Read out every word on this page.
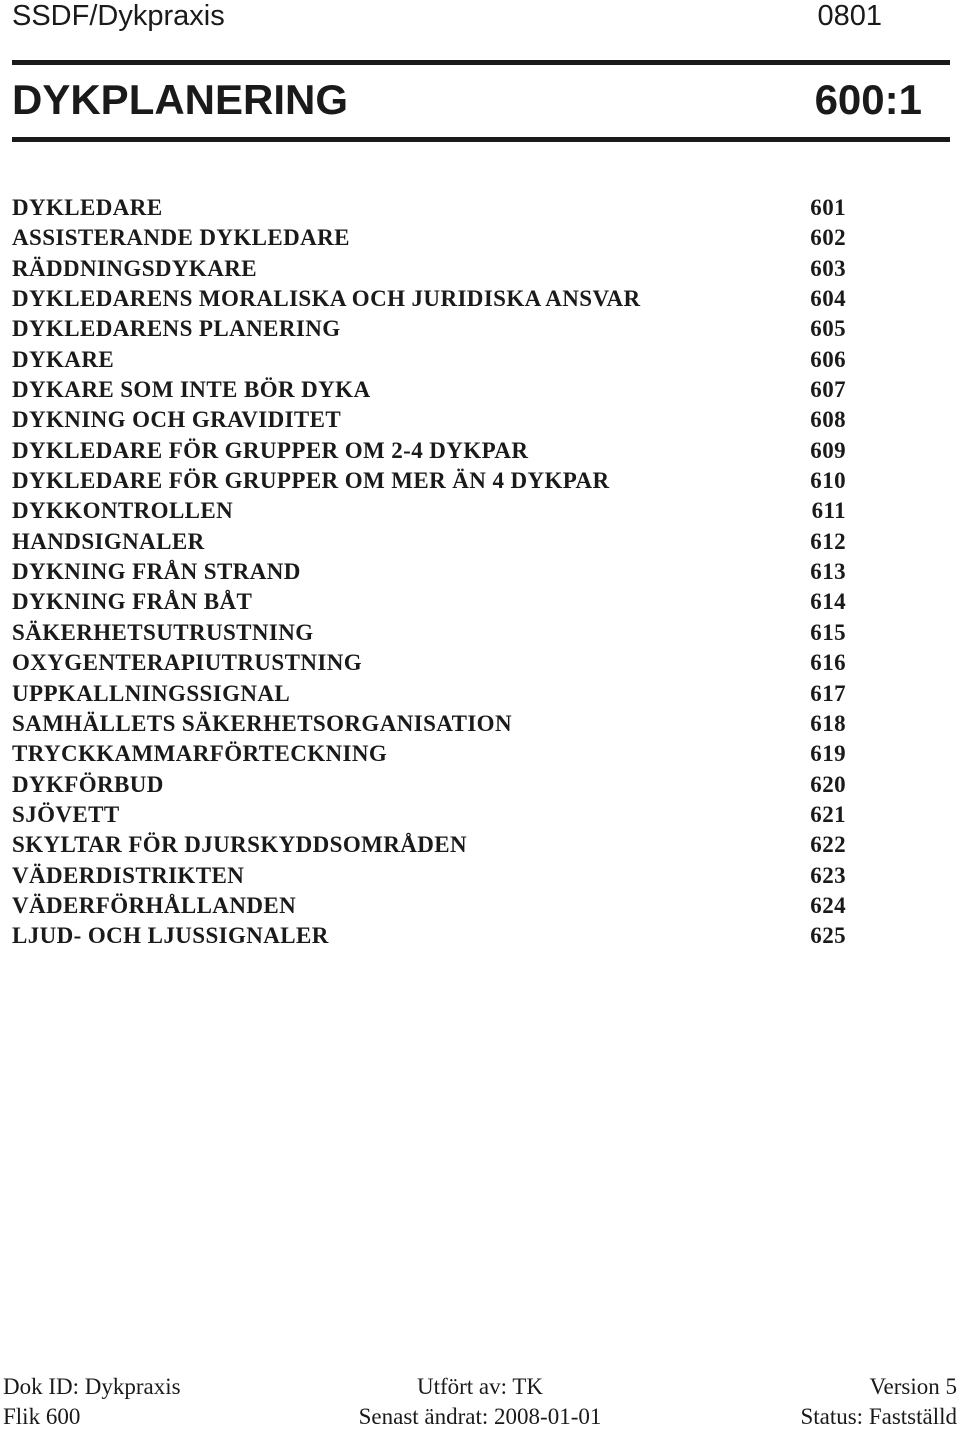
SSDF/Dykpraxis	0801
DYKPLANERING	600:1
DYKLEDARE	601
ASSISTERANDE DYKLEDARE	602
RÄDDNINGSDYKARE	603
DYKLEDARENS MORALISKA OCH JURIDISKA ANSVAR	604
DYKLEDARENS PLANERING	605
DYKARE	606
DYKARE SOM INTE BÖR DYKA	607
DYKNING OCH GRAVIDITET	608
DYKLEDARE FÖR GRUPPER OM 2-4 DYKPAR	609
DYKLEDARE FÖR GRUPPER OM MER ÄN 4 DYKPAR	610
DYKKONTROLLEN	611
HANDSIGNALER	612
DYKNING FRÅN STRAND	613
DYKNING FRÅN BÅT	614
SÄKERHETSUTRUSTNING	615
OXYGENTERAPIUTRUSTNING	616
UPPKALLNINGSSIGNAL	617
SAMHÄLLETS SÄKERHETSORGANISATION	618
TRYCKKAMMARFÖRTECKNING	619
DYKFÖRBUD	620
SJÖVETT	621
SKYLTAR FÖR DJURSKYDDSOMRÅDEN	622
VÄDERDISTRIKTEN	623
VÄDERFÖRHÅLLANDEN	624
LJUD- OCH LJUSSIGNALER	625
Dok ID: Dykpraxis	Utfört av: TK	Version 5
Flik 600	Senast ändrat: 2008-01-01	Status: Fastställd
